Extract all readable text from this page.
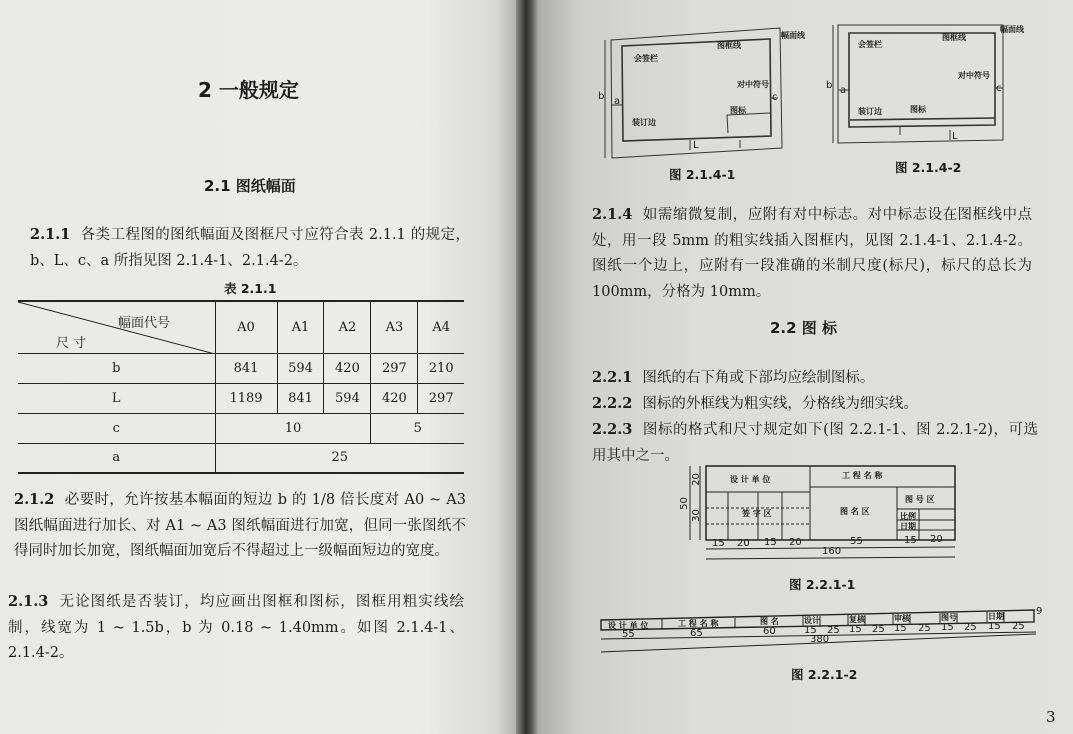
2 一般规定
2.1 图纸幅面
2.1.1 各类工程图的图纸幅面及图框尺寸应符合表 2.1.1 的规定，b、L、c、a 所指见图 2.1.4-1、2.1.4-2。
表 2.1.1
幅面代号
尺 寸	A0	A1	A2	A3	A4
b	841	594	420	297	210
L	1189	841	594	420	297
c	10			5	
a	25				
2.1.2 必要时，允许按基本幅面的短边 b 的 1/8 倍长度对 A0 ~ A3 图纸幅面进行加长、对 A1 ~ A3 图纸幅面进行加宽，但同一张图纸不得同时加长加宽，图纸幅面加宽后不得超过上一级幅面短边的宽度。
2.1.3 无论图纸是否装订，均应画出图框和图标，图框用粗实线绘制，线宽为 1 ~ 1.5b，b 为 0.18 ~ 1.40mm。如图 2.1.4-1、2.1.4-2。
幅面线
图框线
会签栏
对中符号
图标
装订边
b a	c
L
图 2.1.4-1
幅面线
图框线
会签栏
对中符号
图标
装订边
b a	c
L
图 2.1.4-2
2.1.4 如需缩微复制，应附有对中标志。对中标志设在图框线中点处，用一段 5mm 的粗实线插入图框内，见图 2.1.4-1、2.1.4-2。图纸一个边上，应附有一段准确的米制尺度(标尺)，标尺的总长为 100mm，分格为 10mm。
2.2 图 标
2.2.1 图纸的右下角或下部均应绘制图标。
2.2.2 图标的外框线为粗实线，分格线为细实线。
2.2.3 图标的格式和尺寸规定如下(图 2.2.1-1、图 2.2.1-2)，可选用其中之一。
设 计 单 位	工 程 名 称
签 字 区	图 名 区
图 号 区
比例
日期
15 20 15 20	55	15 20
160
50
20
30
图 2.2.1-1
设 计 单 位	工 程 名 称	图 名	设计	复核	审核	图号	日期	9
55	65	60	15 25 15 25 15 25 15 25 15 25
380
图 2.2.1-2
3
